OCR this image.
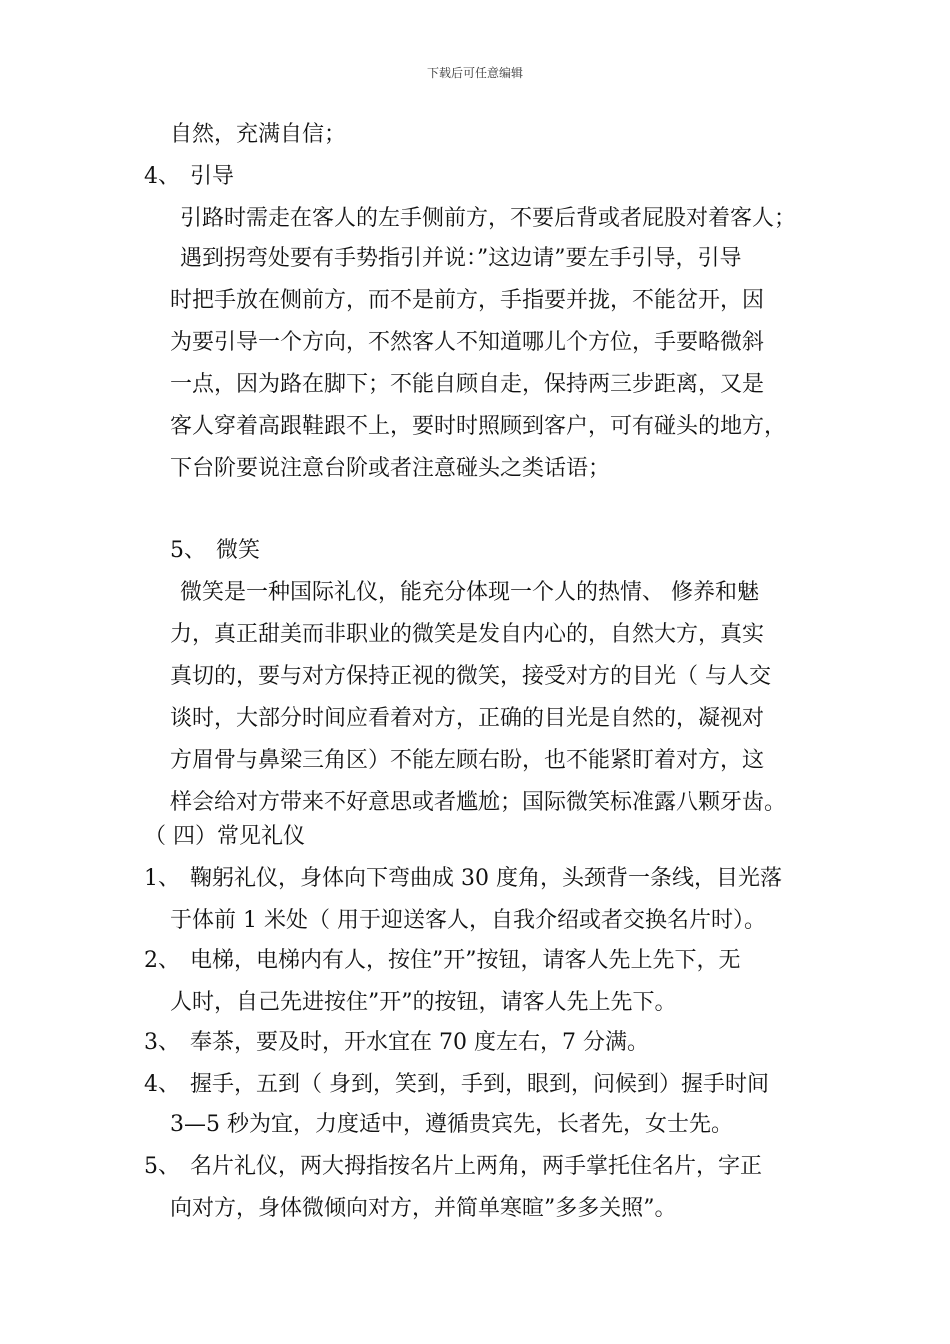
下载后可任意编辑
自然，充满自信；
4、 引导
引路时需走在客人的左手侧前方，不要后背或者屁股对着客人；
遇到拐弯处要有手势指引并说：”这边请”要左手引导，引导
时把手放在侧前方，而不是前方，手指要并拢，不能岔开，因
为要引导一个方向，不然客人不知道哪儿个方位，手要略微斜
一点，因为路在脚下；不能自顾自走，保持两三步距离，又是
客人穿着高跟鞋跟不上，要时时照顾到客户，可有碰头的地方，
下台阶要说注意台阶或者注意碰头之类话语；
5、 微笑
微笑是一种国际礼仪，能充分体现一个人的热情、 修养和魅
力，真正甜美而非职业的微笑是发自内心的，自然大方，真实
真切的，要与对方保持正视的微笑，接受对方的目光（ 与人交
谈时，大部分时间应看着对方，正确的目光是自然的，凝视对
方眉骨与鼻梁三角区）不能左顾右盼，也不能紧盯着对方，这
样会给对方带来不好意思或者尴尬；国际微笑标准露八颗牙齿。
（ 四）常见礼仪
1、 鞠躬礼仪，身体向下弯曲成 30 度角，头颈背一条线，目光落
于体前 1 米处（ 用于迎送客人，自我介绍或者交换名片时）。
2、 电梯，电梯内有人，按住”开”按钮，请客人先上先下，无
人时，自己先进按住”开”的按钮，请客人先上先下。
3、 奉茶，要及时，开水宜在 70 度左右，7 分满。
4、 握手，五到（ 身到，笑到，手到，眼到，问候到）握手时间
3—5 秒为宜，力度适中，遵循贵宾先，长者先，女士先。
5、 名片礼仪，两大拇指按名片上两角，两手掌托住名片，字正
向对方，身体微倾向对方，并简单寒暄”多多关照”。
